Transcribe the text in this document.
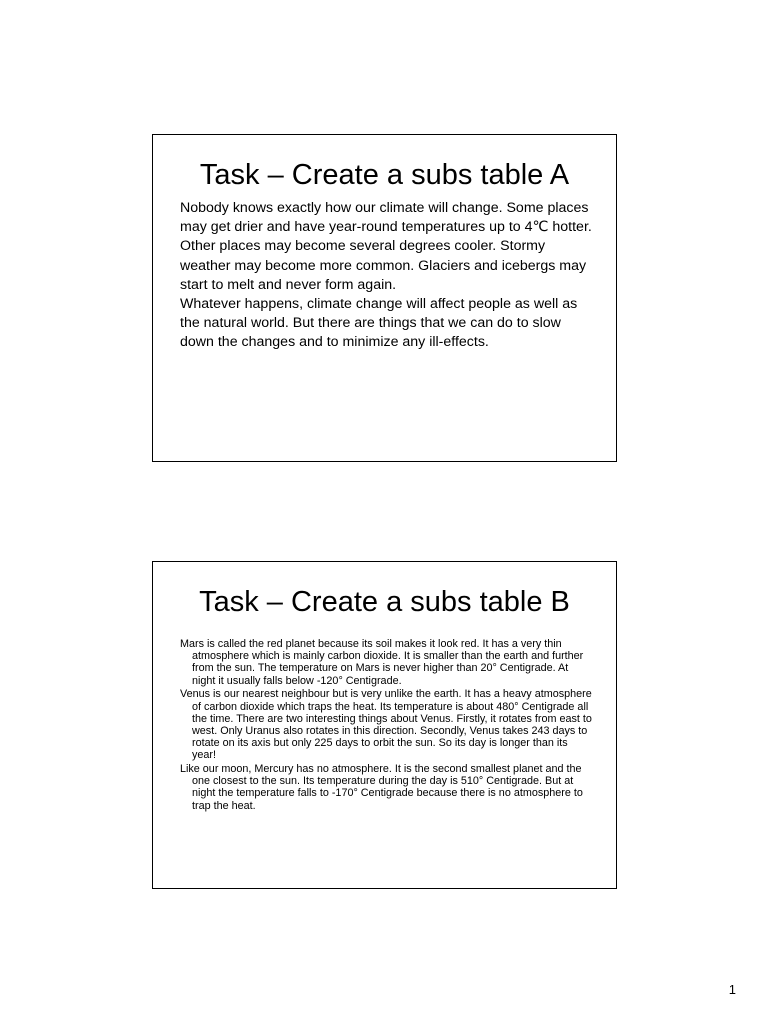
Task – Create a subs table A

Nobody knows exactly how our climate will change. Some places may get drier and have year-round temperatures up to 4℃ hotter. Other places may become several degrees cooler. Stormy weather may become more common. Glaciers and icebergs may start to melt and never form again.

Whatever happens, climate change will affect people as well as the natural world. But there are things that we can do to slow down the changes and to minimize any ill-effects.

Task – Create a subs table B

Mars is called the red planet because its soil makes it look red. It has a very thin atmosphere which is mainly carbon dioxide. It is smaller than the earth and further from the sun. The temperature on Mars is never higher than 20° Centigrade. At night it usually falls below -120° Centigrade.

Venus is our nearest neighbour but is very unlike the earth. It has a heavy atmosphere of carbon dioxide which traps the heat. Its temperature is about 480° Centigrade all the time. There are two interesting things about Venus. Firstly, it rotates from east to west. Only Uranus also rotates in this direction. Secondly, Venus takes 243 days to rotate on its axis but only 225 days to orbit the sun. So its day is longer than its year!

Like our moon, Mercury has no atmosphere. It is the second smallest planet and the one closest to the sun. Its temperature during the day is 510° Centigrade. But at night the temperature falls to -170° Centigrade because there is no atmosphere to trap the heat.

1
